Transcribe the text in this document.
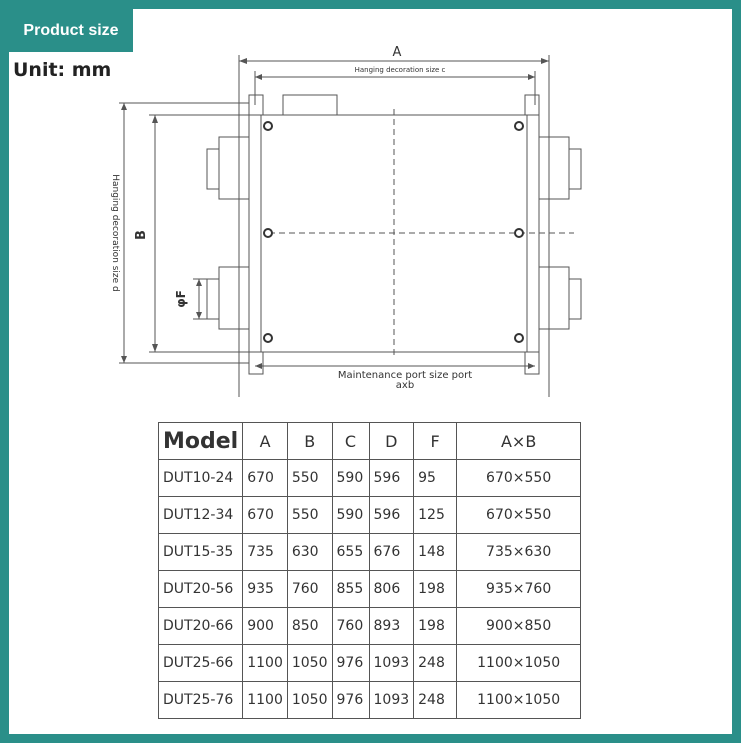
Product size
Unit: mm
A
Hanging decoration size c
B
Hanging decoration size d
φF
Maintenance port size port
axb
Model	A	B	C	D	F	A×B
DUT10-24	670	550	590	596	95	670×550
DUT12-34	670	550	590	596	125	670×550
DUT15-35	735	630	655	676	148	735×630
DUT20-56	935	760	855	806	198	935×760
DUT20-66	900	850	760	893	198	900×850
DUT25-66	1100	1050	976	1093	248	1100×1050
DUT25-76	1100	1050	976	1093	248	1100×1050
